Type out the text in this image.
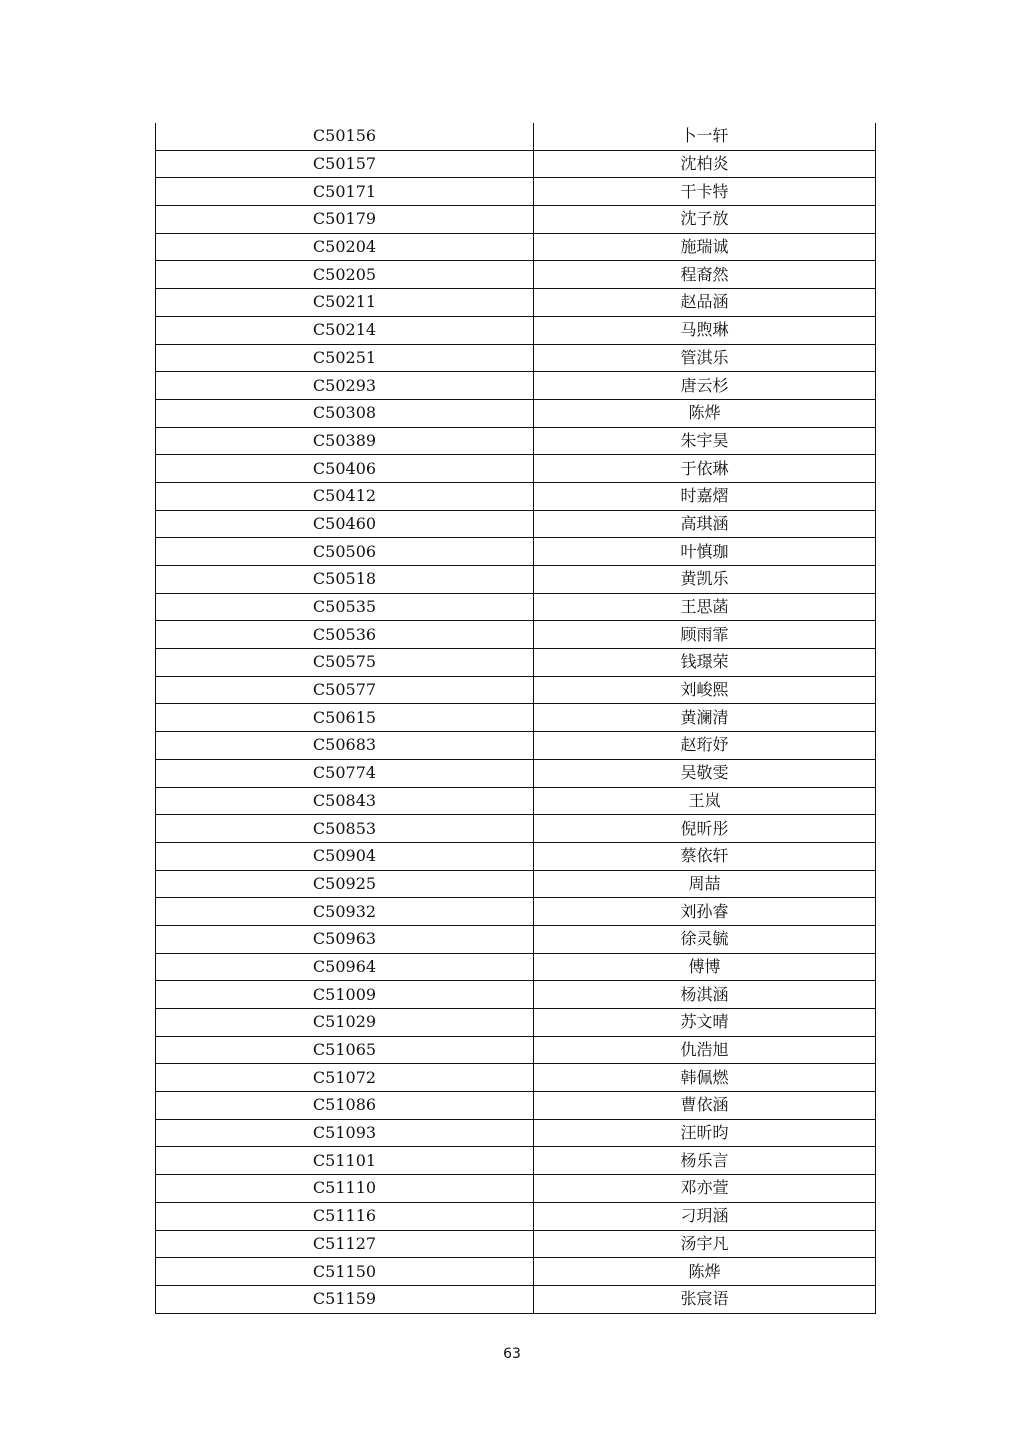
C50156	卜一轩
C50157	沈柏炎
C50171	干卡特
C50179	沈子放
C50204	施瑞诚
C50205	程裔然
C50211	赵品涵
C50214	马煦琳
C50251	管淇乐
C50293	唐云杉
C50308	陈烨
C50389	朱宇昊
C50406	于依琳
C50412	时嘉熠
C50460	高琪涵
C50506	叶慎珈
C50518	黄凯乐
C50535	王思菡
C50536	顾雨霏
C50575	钱璟荣
C50577	刘峻熙
C50615	黄澜清
C50683	赵珩妤
C50774	吴敬雯
C50843	王岚
C50853	倪昕彤
C50904	蔡依轩
C50925	周喆
C50932	刘孙睿
C50963	徐灵毓
C50964	傅博
C51009	杨淇涵
C51029	苏文晴
C51065	仇浩旭
C51072	韩佩燃
C51086	曹依涵
C51093	汪昕昀
C51101	杨乐言
C51110	邓亦萱
C51116	刁玥涵
C51127	汤宇凡
C51150	陈烨
C51159	张宸语
63
